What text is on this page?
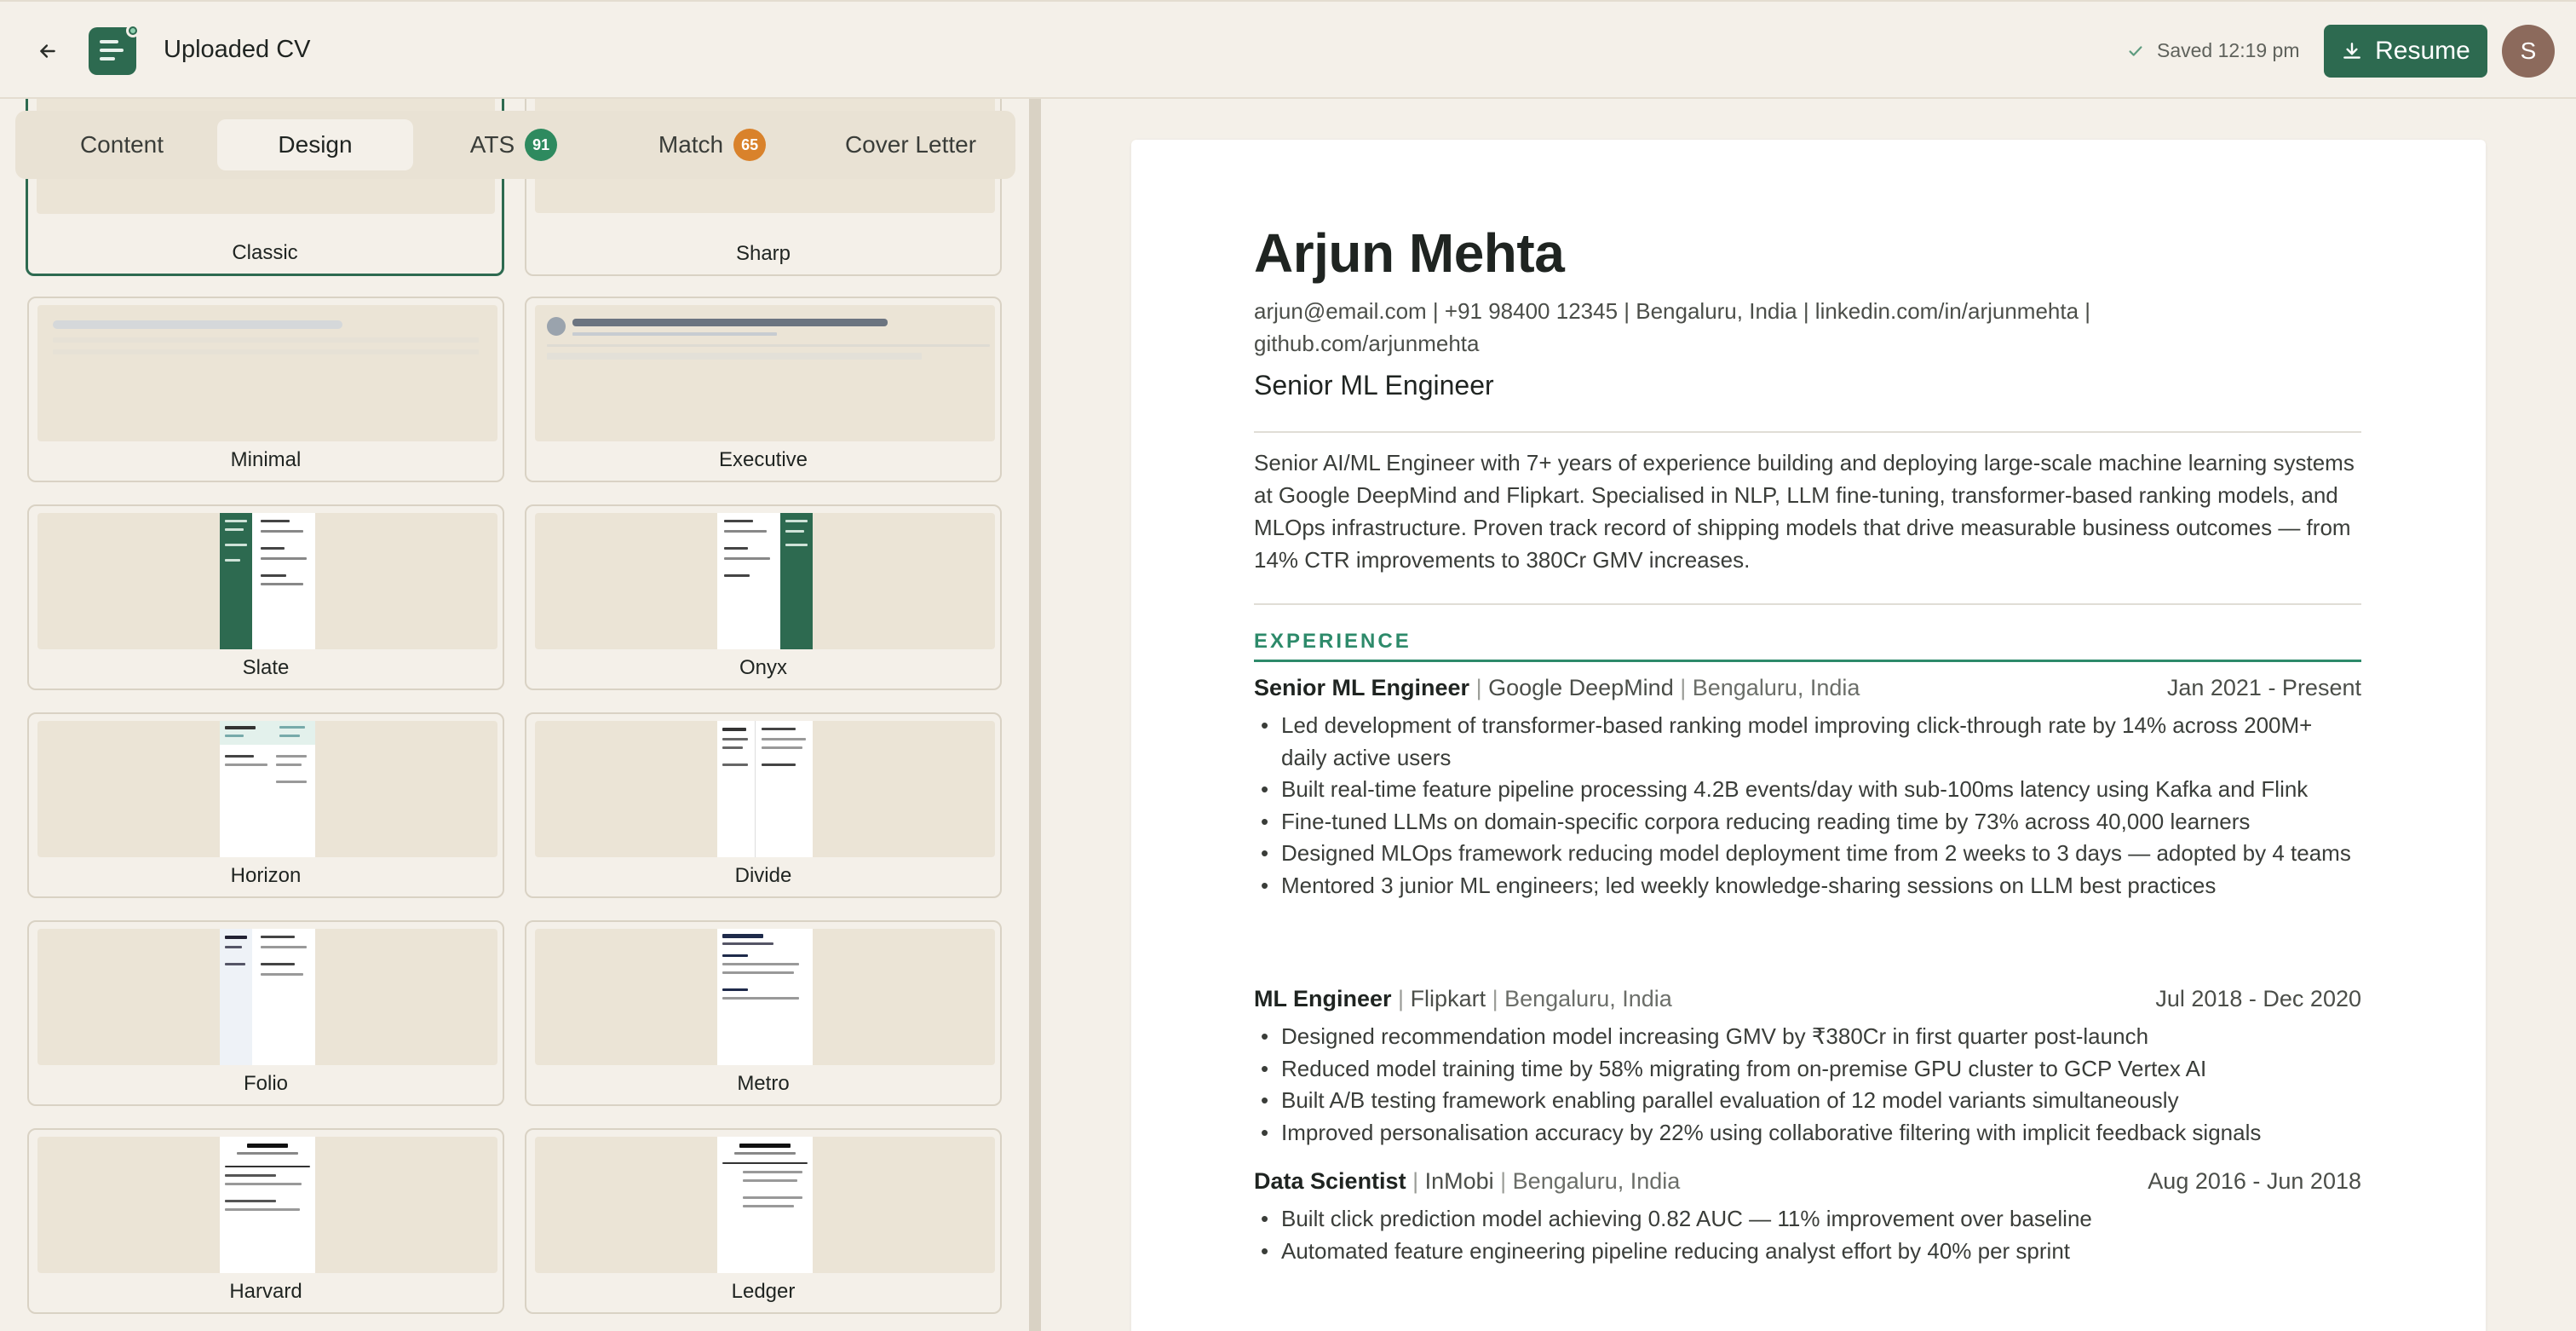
Uploaded CV	Saved 12:19 pm	Resume	S
Content	Design	ATS	91	Match	65	Cover Letter
Classic	Sharp
Minimal	Executive
Slate	Onyx
Horizon	Divide
Folio	Metro
Harvard	Ledger
Arjun Mehta
arjun@email.com | +91 98400 12345 | Bengaluru, India | linkedin.com/in/arjunmehta | github.com/arjunmehta
Senior ML Engineer
Senior AI/ML Engineer with 7+ years of experience building and deploying large-scale machine learning systems at Google DeepMind and Flipkart. Specialised in NLP, LLM fine-tuning, transformer-based ranking models, and MLOps infrastructure. Proven track record of shipping models that drive measurable business outcomes — from 14% CTR improvements to 380Cr GMV increases.
EXPERIENCE
Senior ML Engineer | Google DeepMind | Bengaluru, India	Jan 2021 - Present
• Led development of transformer-based ranking model improving click-through rate by 14% across 200M+ daily active users
• Built real-time feature pipeline processing 4.2B events/day with sub-100ms latency using Kafka and Flink
• Fine-tuned LLMs on domain-specific corpora reducing reading time by 73% across 40,000 learners
• Designed MLOps framework reducing model deployment time from 2 weeks to 3 days — adopted by 4 teams
• Mentored 3 junior ML engineers; led weekly knowledge-sharing sessions on LLM best practices
ML Engineer | Flipkart | Bengaluru, India	Jul 2018 - Dec 2020
• Designed recommendation model increasing GMV by ₹380Cr in first quarter post-launch
• Reduced model training time by 58% migrating from on-premise GPU cluster to GCP Vertex AI
• Built A/B testing framework enabling parallel evaluation of 12 model variants simultaneously
• Improved personalisation accuracy by 22% using collaborative filtering with implicit feedback signals
Data Scientist | InMobi | Bengaluru, India	Aug 2016 - Jun 2018
• Built click prediction model achieving 0.82 AUC — 11% improvement over baseline
• Automated feature engineering pipeline reducing analyst effort by 40% per sprint
